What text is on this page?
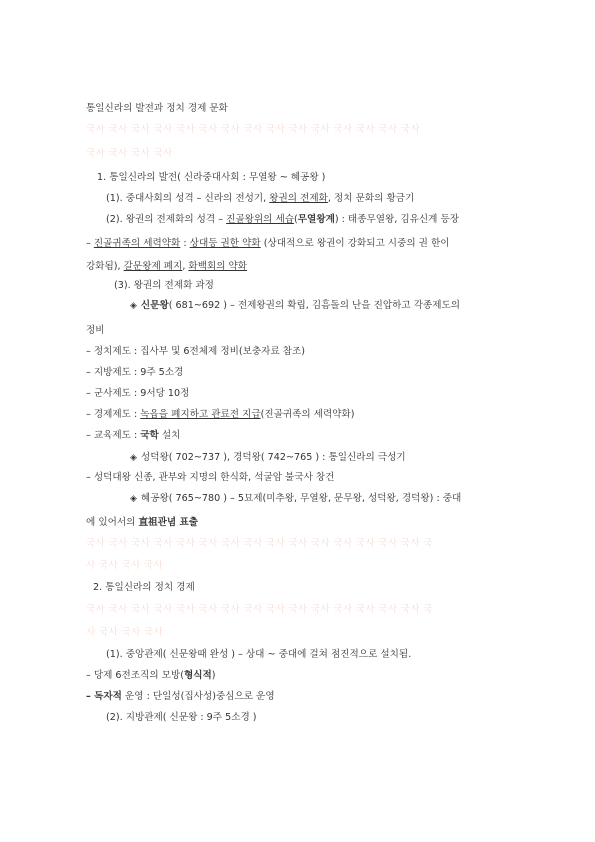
통일신라의 발전과 정치 경제 문화
국사 국사 국사 국사 국사 국사 국사 국사 국사 국사 국사 국사 국사 국사 국사
국사 국사 국사 국사
1. 통일신라의 발전( 신라중대사회 : 무열왕 ~ 혜공왕 )
(1). 중대사회의 성격 – 신라의 전성기, 왕권의 전제화, 정치 문화의 황금기
(2). 왕권의 전제화의 성격 – 진골왕위의 세습(무열왕계) : 태종무열왕, 김유신계 등장
– 진골귀족의 세력약화 : 상대등 권한 약화 (상대적으로 왕권이 강화되고 시중의 권 한이
강화됨), 갈문왕제 폐지, 화백회의 약화
(3). 왕권의 전제화 과정
◈ 신문왕( 681~692 ) – 전제왕권의 확립, 김흠돌의 난을 진압하고 각종제도의
정비
– 정치제도 : 집사부 및 6전체제 정비(보충자료 참조)
– 지방제도 : 9주 5소경
– 군사제도 : 9서당 10정
– 경제제도 : 녹읍을 폐지하고 관료전 지급(진골귀족의 세력약화)
– 교육제도 : 국학 설치
◈ 성덕왕( 702~737 ), 경덕왕( 742~765 ) : 통일신라의 극성기
– 성덕대왕 신종, 관부와 지명의 한식화, 석굴암 불국사 창건
◈ 혜공왕( 765~780 ) – 5묘제(미추왕, 무열왕, 문무왕, 성덕왕, 경덕왕) : 중대
에 있어서의 直祖관념 표출
국사 국사 국사 국사 국사 국사 국사 국사 국사 국사 국사 국사 국사 국사 국사 국
사 국사 국사 국사
2. 통일신라의 정치 경제
국사 국사 국사 국사 국사 국사 국사 국사 국사 국사 국사 국사 국사 국사 국사 국
사 국사 국사 국사
(1). 중앙관제( 신문왕때 완성 ) – 상대 ~ 중대에 걸쳐 점진적으로 설치됨.
– 당제 6전조직의 모방(형식적)
– 독자적 운영 : 단일성(집사성)중심으로 운영
(2). 지방관제( 신문왕 : 9주 5소경 )
